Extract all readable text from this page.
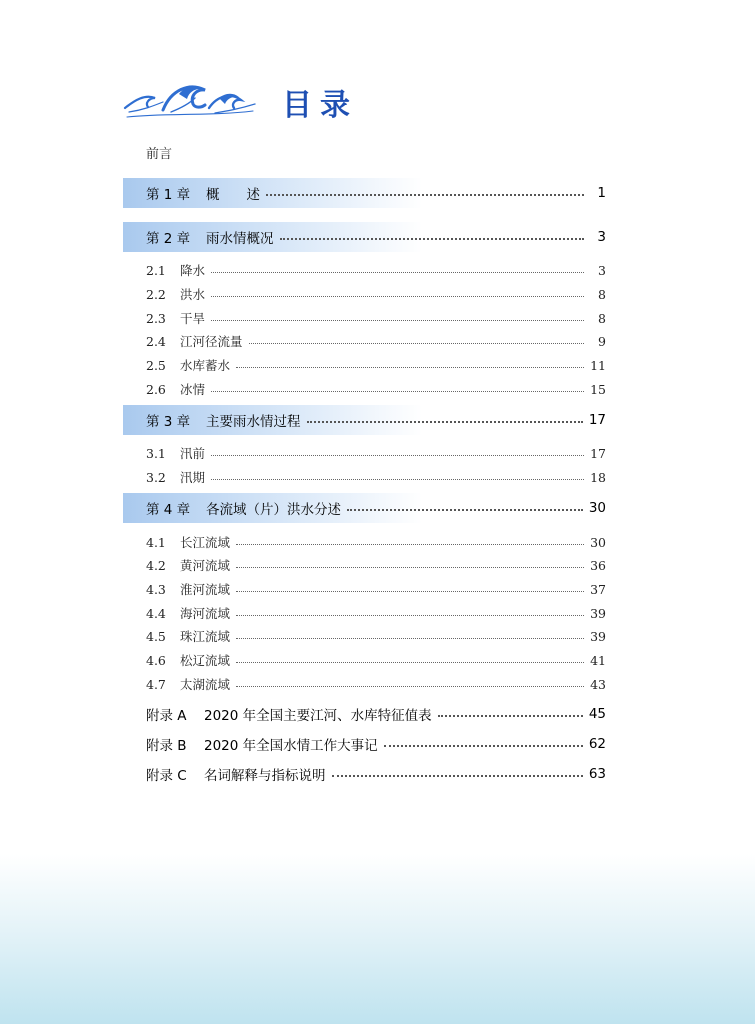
目录
前言
第 1 章 概　　述	1
第 2 章 雨水情概况	3
2.1 降水	3
2.2 洪水	8
2.3 干旱	8
2.4 江河径流量	9
2.5 水库蓄水	11
2.6 冰情	15
第 3 章 主要雨水情过程	17
3.1 汛前	17
3.2 汛期	18
第 4 章 各流域（片）洪水分述	30
4.1 长江流域	30
4.2 黄河流域	36
4.3 淮河流域	37
4.4 海河流域	39
4.5 珠江流域	39
4.6 松辽流域	41
4.7 太湖流域	43
附录 A 2020 年全国主要江河、水库特征值表	45
附录 B 2020 年全国水情工作大事记	62
附录 C 名词解释与指标说明	63
